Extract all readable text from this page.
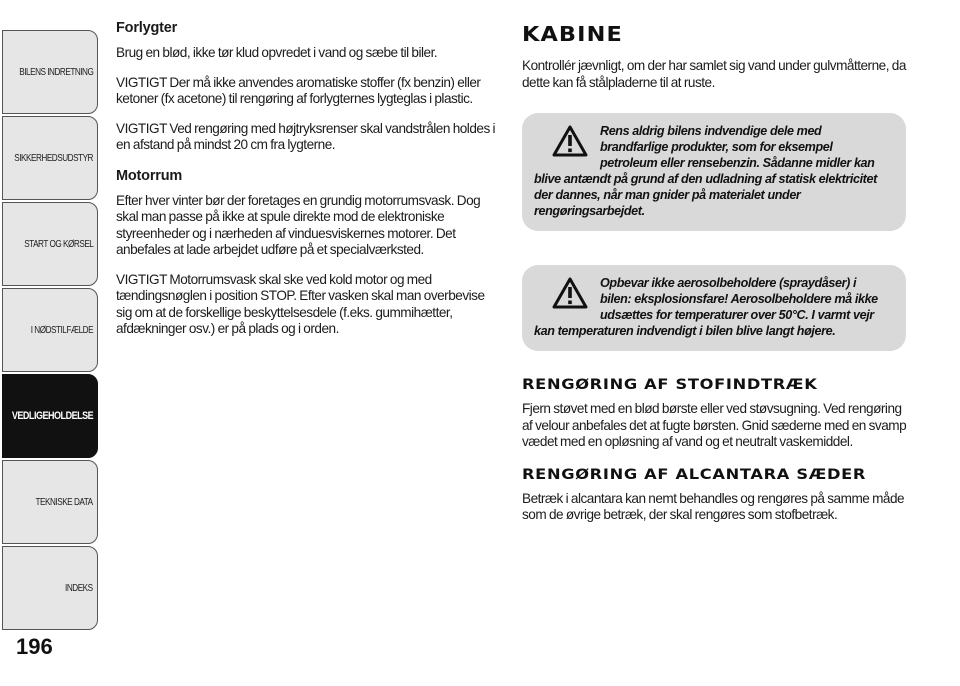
BILENS INDRETNING
SIKKERHEDSUDSTYR
START OG KØRSEL
I NØDSTILFÆLDE
VEDLIGEHOLDELSE
TEKNISKE DATA
INDEKS
196
Forlygter

Brug en blød, ikke tør klud opvredet i vand og sæbe til biler.

VIGTIGT Der må ikke anvendes aromatiske stoffer (fx benzin) eller ketoner (fx acetone) til rengøring af forlygternes lygteglas i plastic.

VIGTIGT Ved rengøring med højtryksrenser skal vandstrålen holdes i en afstand på mindst 20 cm fra lygterne.

Motorrum

Efter hver vinter bør der foretages en grundig motorrumsvask. Dog skal man passe på ikke at spule direkte mod de elektroniske styreenheder og i nærheden af vinduesviskernes motorer. Det anbefales at lade arbejdet udføre på et specialværksted.

VIGTIGT Motorrumsvask skal ske ved kold motor og med tændingsnøglen i position STOP. Efter vasken skal man overbevise sig om at de forskellige beskyttelsesdele (f.eks. gummihætter, afdækninger osv.) er på plads og i orden.

KABINE

Kontrollér jævnligt, om der har samlet sig vand under gulvmåtterne, da dette kan få stålpladerne til at ruste.

Rens aldrig bilens indvendige dele med brandfarlige produkter, som for eksempel petroleum eller rensebenzin. Sådanne midler kan blive antændt på grund af den udladning af statisk elektricitet der dannes, når man gnider på materialet under rengøringsarbejdet.

Opbevar ikke aerosolbeholdere (spraydåser) i bilen: eksplosionsfare! Aerosolbeholdere må ikke udsættes for temperaturer over 50°C. I varmt vejr kan temperaturen indvendigt i bilen blive langt højere.

RENGØRING AF STOFINDTRÆK

Fjern støvet med en blød børste eller ved støvsugning. Ved rengøring af velour anbefales det at fugte børsten. Gnid sæderne med en svamp vædet med en opløsning af vand og et neutralt vaskemiddel.

RENGØRING AF ALCANTARA SÆDER

Betræk i alcantara kan nemt behandles og rengøres på samme måde som de øvrige betræk, der skal rengøres som stofbetræk.
